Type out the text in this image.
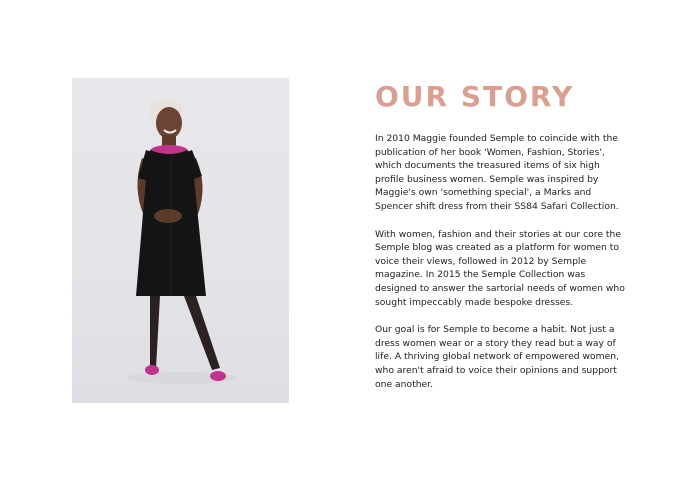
OUR STORY

In 2010 Maggie founded Semple to coincide with the publication of her book 'Women, Fashion, Stories', which documents the treasured items of six high profile business women. Semple was inspired by Maggie's own 'something special', a Marks and Spencer shift dress from their SS84 Safari Collection.

With women, fashion and their stories at our core the Semple blog was created as a platform for women to voice their views, followed in 2012 by Semple magazine. In 2015 the Semple Collection was designed to answer the sartorial needs of women who sought impeccably made bespoke dresses.

Our goal is for Semple to become a habit. Not just a dress women wear or a story they read but a way of life. A thriving global network of empowered women, who aren't afraid to voice their opinions and support one another.
